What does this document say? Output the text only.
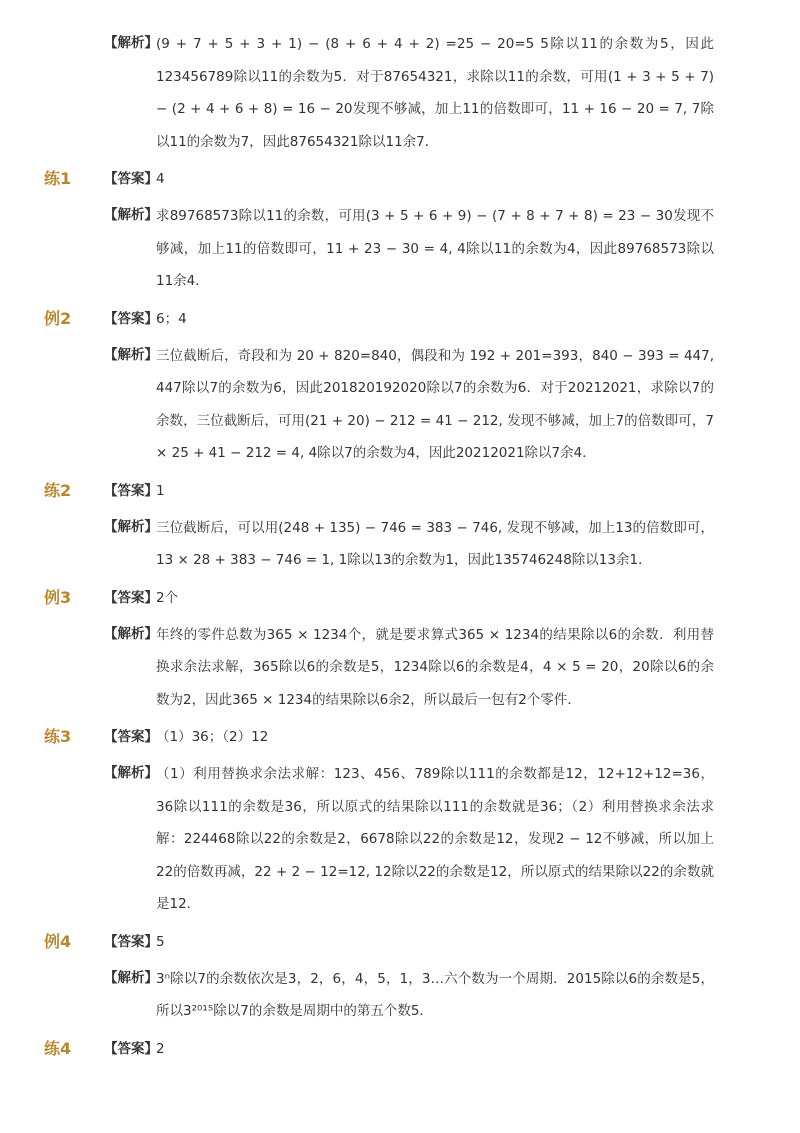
【解析】
(9 + 7 + 5 + 3 + 1) − (8 + 6 + 4 + 2) =25 − 20=5 5除以11的余数为5，因此123456789除以11的余数为5．对于87654321，求除以11的余数，可用(1 + 3 + 5 + 7) − (2 + 4 + 6 + 8) = 16 − 20发现不够减，加上11的倍数即可，11 + 16 − 20 = 7, 7除以11的余数为7，因此87654321除以11余7．
练1 【答案】
4
【解析】
求89768573除以11的余数，可用(3 + 5 + 6 + 9) − (7 + 8 + 7 + 8) = 23 − 30发现不够减，加上11的倍数即可，11 + 23 − 30 = 4, 4除以11的余数为4，因此89768573除以11余4．
例2 【答案】
6；4
【解析】
三位截断后，奇段和为 20 + 820=840，偶段和为 192 + 201=393，840 − 393 = 447, 447除以7的余数为6，因此201820192020除以7的余数为6．对于20212021，求除以7的余数，三位截断后，可用(21 + 20) − 212 = 41 − 212, 发现不够减，加上7的倍数即可，7 × 25 + 41 − 212 = 4, 4除以7的余数为4，因此20212021除以7余4．
练2 【答案】
1
【解析】
三位截断后，可以用(248 + 135) − 746 = 383 − 746, 发现不够减，加上13的倍数即可，13 × 28 + 383 − 746 = 1, 1除以13的余数为1，因此135746248除以13余1．
例3 【答案】
2个
【解析】
年终的零件总数为365 × 1234个，就是要求算式365 × 1234的结果除以6的余数．利用替换求余法求解，365除以6的余数是5，1234除以6的余数是4，4 × 5 = 20，20除以6的余数为2，因此365 × 1234的结果除以6余2，所以最后一包有2个零件．
练3 【答案】
（1）36；（2）12
【解析】
（1）利用替换求余法求解：123、456、789除以111的余数都是12，12+12+12=36，36除以111的余数是36，所以原式的结果除以111的余数就是36；（2）利用替换求余法求解：224468除以22的余数是2，6678除以22的余数是12，发现2 − 12不够减，所以加上22的倍数再减，22 + 2 − 12=12, 12除以22的余数是12，所以原式的结果除以22的余数就是12．
例4 【答案】
5
【解析】
3ⁿ除以7的余数依次是3，2，6，4，5，1，3…六个数为一个周期．2015除以6的余数是5，所以3²⁰¹⁵除以7的余数是周期中的第五个数5．
练4 【答案】
2
